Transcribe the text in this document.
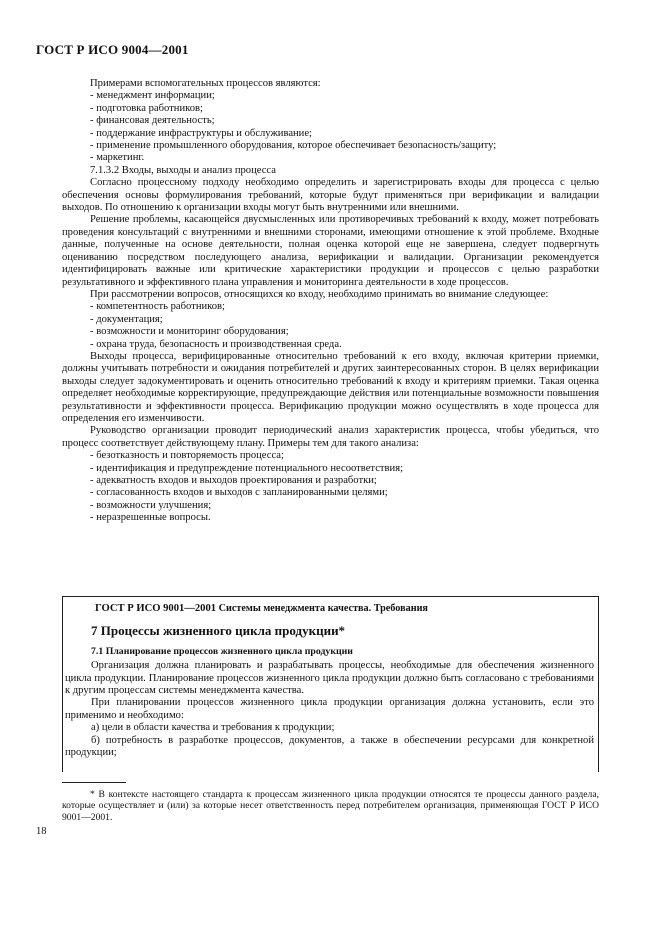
ГОСТ Р ИСО 9004—2001

Примерами вспомогательных процессов являются:

- менеджмент информации;
- подготовка работников;
- финансовая деятельность;
- поддержание инфраструктуры и обслуживание;
- применение промышленного оборудования, которое обеспечивает безопасность/защиту;
- маркетинг.

7.1.3.2 Входы, выходы и анализ процесса

Согласно процессному подходу необходимо определить и зарегистрировать входы для процесса с целью обеспечения основы формулирования требований, которые будут применяться при верификации и валидации выходов. По отношению к организации входы могут быть внутренними или внешними.

Решение проблемы, касающейся двусмысленных или противоречивых требований к входу, может потребовать проведения консультаций с внутренними и внешними сторонами, имеющими отношение к этой проблеме. Входные данные, полученные на основе деятельности, полная оценка которой еще не завершена, следует подвергнуть оцениванию посредством последующего анализа, верификации и валидации. Организации рекомендуется идентифицировать важные или критические характеристики продукции и процессов с целью разработки результативного и эффективного плана управления и мониторинга деятельности в ходе процессов.

При рассмотрении вопросов, относящихся ко входу, необходимо принимать во внимание следующее:

- компетентность работников;
- документация;
- возможности и мониторинг оборудования;
- охрана труда, безопасность и производственная среда.

Выходы процесса, верифицированные относительно требований к его входу, включая критерии приемки, должны учитывать потребности и ожидания потребителей и других заинтересованных сторон. В целях верификации выходы следует задокументировать и оценить относительно требований к входу и критериям приемки. Такая оценка определяет необходимые корректирующие, предупреждающие действия или потенциальные возможности повышения результативности и эффективности процесса. Верификацию продукции можно осуществлять в ходе процесса для определения его изменчивости.

Руководство организации проводит периодический анализ характеристик процесса, чтобы убедиться, что процесс соответствует действующему плану. Примеры тем для такого анализа:

- безотказность и повторяемость процесса;
- идентификация и предупреждение потенциального несоответствия;
- адекватность входов и выходов проектирования и разработки;
- согласованность входов и выходов с запланированными целями;
- возможности улучшения;
- неразрешенные вопросы.
ГОСТ Р ИСО 9001—2001 Системы менеджмента качества. Требования
7 Процессы жизненного цикла продукции*
7.1 Планирование процессов жизненного цикла продукции

Организация должна планировать и разрабатывать процессы, необходимые для обеспечения жизненного цикла продукции. Планирование процессов жизненного цикла продукции должно быть согласовано с требованиями к другим процессам системы менеджмента качества.

При планировании процессов жизненного цикла продукции организация должна установить, если это применимо и необходимо:

а) цели в области качества и требования к продукции;

б) потребность в разработке процессов, документов, а также в обеспечении ресурсами для конкретной продукции;

* В контексте настоящего стандарта к процессам жизненного цикла продукции относятся те процессы данного раздела, которые осуществляет и (или) за которые несет ответственность перед потребителем организация, применяющая ГОСТ Р ИСО 9001—2001.
18
